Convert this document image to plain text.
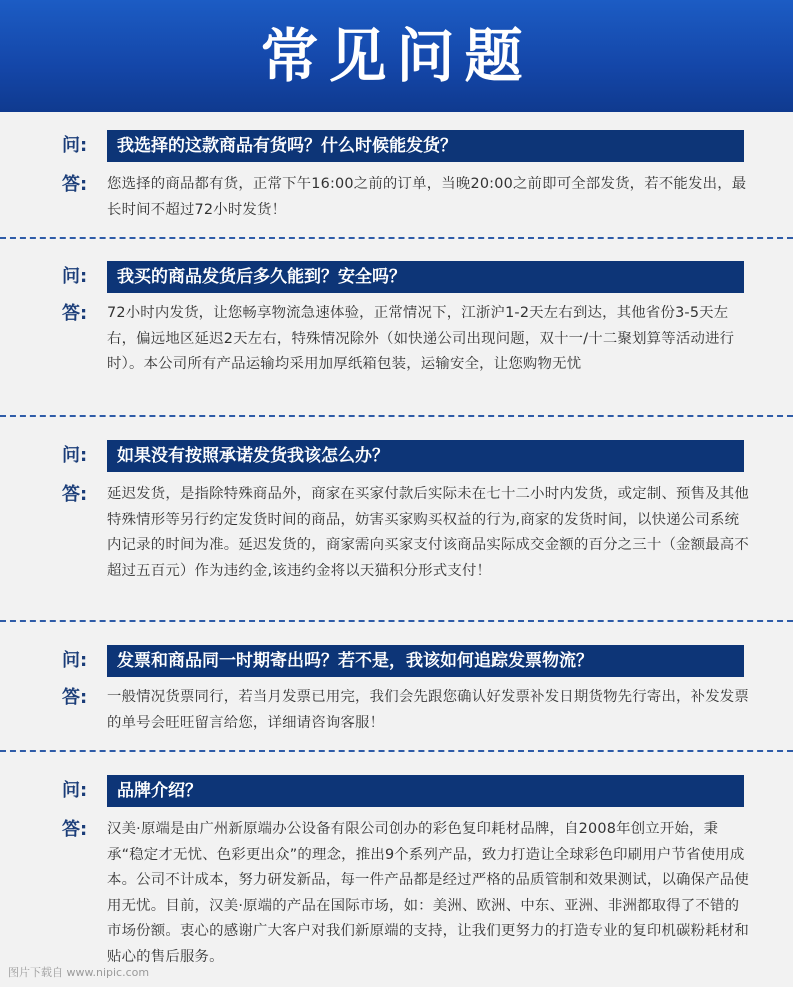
常见问题
问:	我选择的这款商品有货吗？什么时候能发货？
答: 您选择的商品都有货，正常下午16:00之前的订单，当晚20:00之前即可全部发货，若不能发出，最长时间不超过72小时发货！
问:	我买的商品发货后多久能到？安全吗？
答: 72小时内发货，让您畅享物流急速体验，正常情况下，江浙沪1-2天左右到达，其他省份3-5天左右，偏远地区延迟2天左右，特殊情况除外（如快递公司出现问题，双十一/十二聚划算等活动进行时）。本公司所有产品运输均采用加厚纸箱包装，运输安全，让您购物无忧
问:	如果没有按照承诺发货我该怎么办？
答: 延迟发货，是指除特殊商品外，商家在买家付款后实际未在七十二小时内发货，或定制、预售及其他特殊情形等另行约定发货时间的商品，妨害买家购买权益的行为,商家的发货时间，以快递公司系统内记录的时间为准。延迟发货的，商家需向买家支付该商品实际成交金额的百分之三十（金额最高不超过五百元）作为违约金,该违约金将以天猫积分形式支付！
问:	发票和商品同一时期寄出吗？若不是，我该如何追踪发票物流？
答: 一般情况货票同行，若当月发票已用完，我们会先跟您确认好发票补发日期货物先行寄出，补发发票的单号会旺旺留言给您，详细请咨询客服！
问:	品牌介绍？
答: 汉美·原端是由广州新原端办公设备有限公司创办的彩色复印耗材品牌，自2008年创立开始，秉承“稳定才无忧、色彩更出众”的理念，推出9个系列产品，致力打造让全球彩色印刷用户节省使用成本。公司不计成本，努力研发新品，每一件产品都是经过严格的品质管制和效果测试，以确保产品使用无忧。目前，汉美·原端的产品在国际市场，如：美洲、欧洲、中东、亚洲、非洲都取得了不错的市场份额。衷心的感谢广大客户对我们新原端的支持，让我们更努力的打造专业的复印机碳粉耗材和贴心的售后服务。
图片下载自 www.nipic.com
